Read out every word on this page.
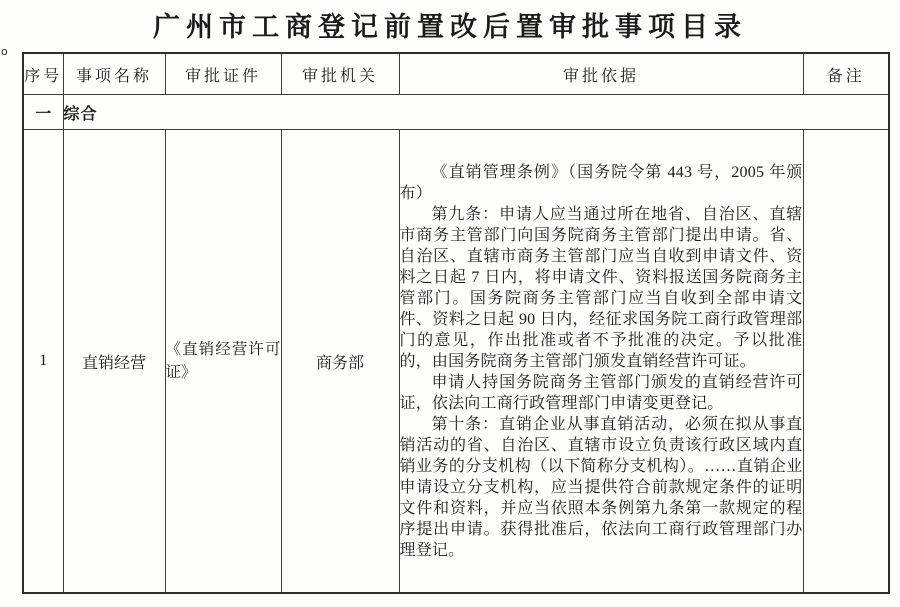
广州市工商登记前置改后置审批事项目录
o
序号	事项名称	审批证件	审批机关	审批依据	备注
一	综合				
1	直销经营	《直销经营许可证》	商务部	《直销管理条例》（国务院令第 443 号，2005 年颁布）

第九条：申请人应当通过所在地省、自治区、直辖市商务主管部门向国务院商务主管部门提出申请。省、自治区、直辖市商务主管部门应当自收到申请文件、资料之日起 7 日内，将申请文件、资料报送国务院商务主管部门。国务院商务主管部门应当自收到全部申请文件、资料之日起 90 日内，经征求国务院工商行政管理部门的意见，作出批准或者不予批准的决定。予以批准的，由国务院商务主管部门颁发直销经营许可证。

申请人持国务院商务主管部门颁发的直销经营许可证，依法向工商行政管理部门申请变更登记。

第十条：直销企业从事直销活动，必须在拟从事直销活动的省、自治区、直辖市设立负责该行政区域内直销业务的分支机构（以下简称分支机构）。……直销企业申请设立分支机构，应当提供符合前款规定条件的证明文件和资料，并应当依照本条例第九条第一款规定的程序提出申请。获得批准后，依法向工商行政管理部门办理登记。	
